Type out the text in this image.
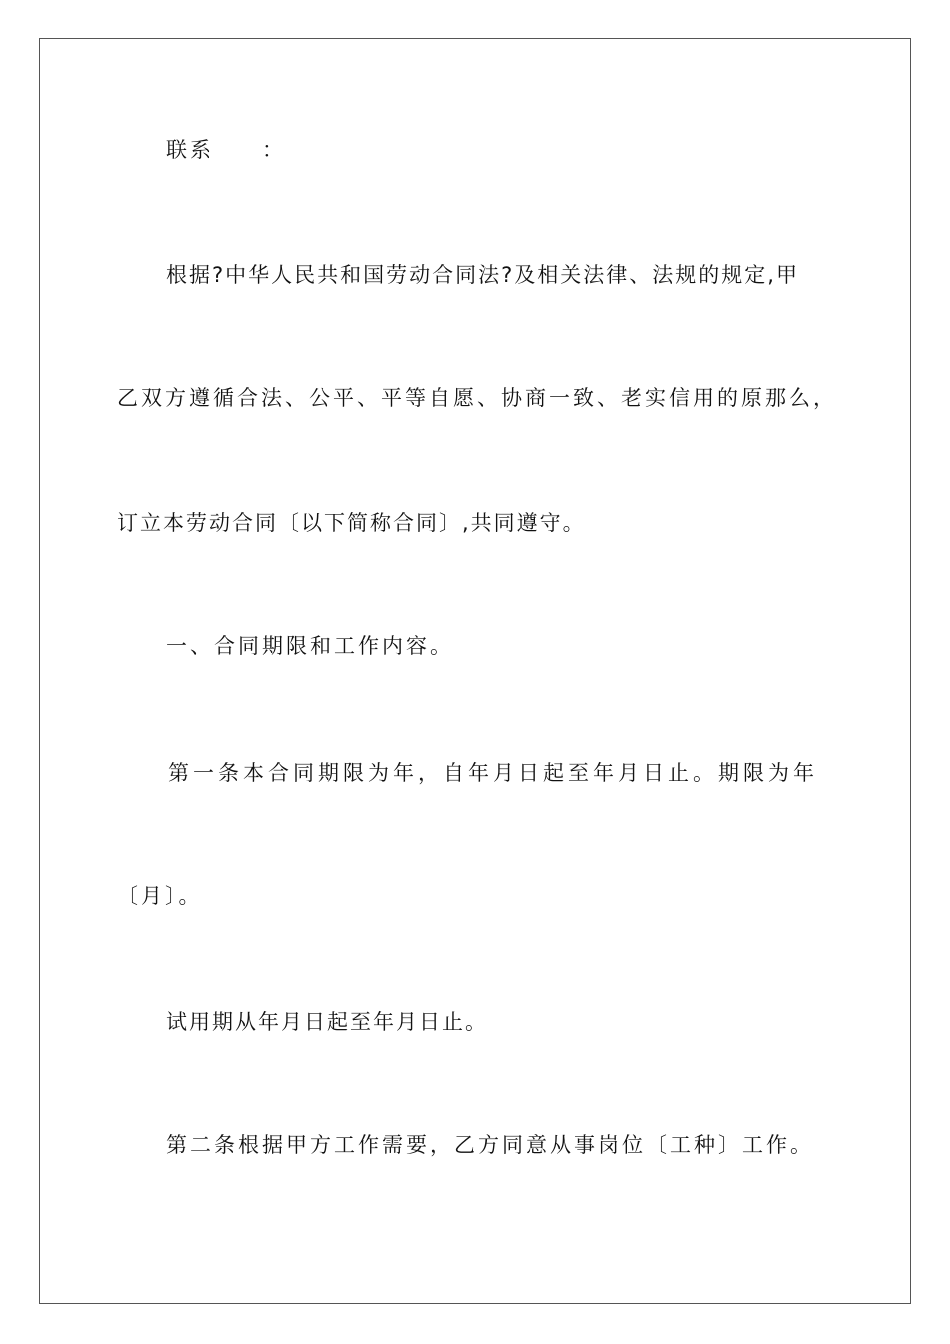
联系　　：
根据?中华人民共和国劳动合同法?及相关法律、法规的规定,甲
乙双方遵循合法、公平、平等自愿、协商一致、老实信用的原那么，
订立本劳动合同〔以下简称合同〕,共同遵守。
一、合同期限和工作内容。
第一条本合同期限为年，自年月日起至年月日止。期限为年
〔月〕。
试用期从年月日起至年月日止。
第二条根据甲方工作需要，乙方同意从事岗位〔工种〕工作。
